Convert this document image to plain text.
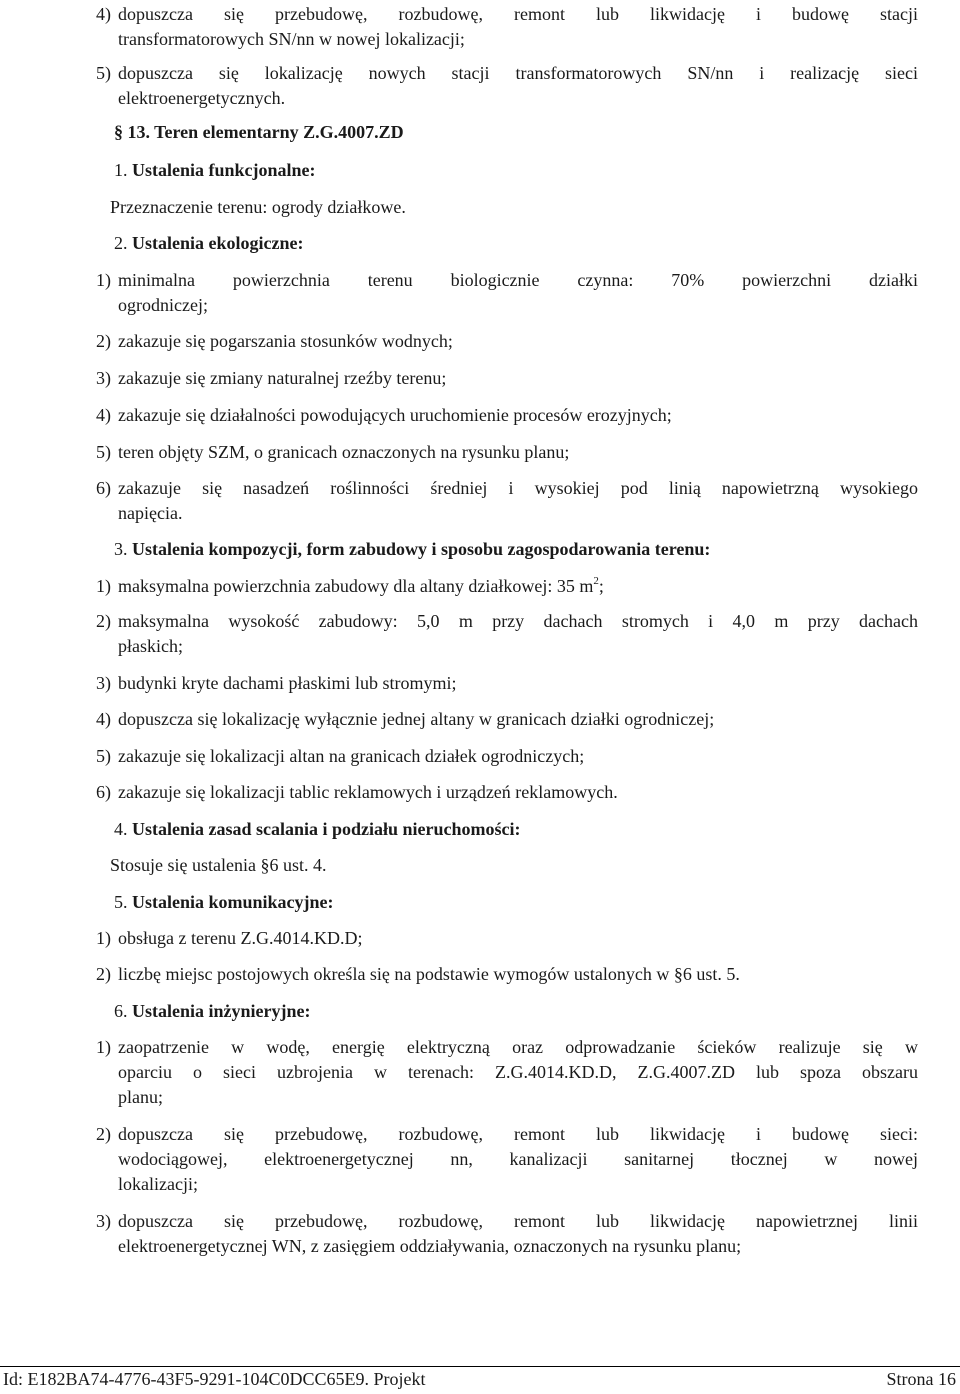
4) dopuszcza się przebudowę, rozbudowę, remont lub likwidację i budowę stacji
transformatorowych SN/nn w nowej lokalizacji;
5) dopuszcza się lokalizację nowych stacji transformatorowych SN/nn i realizację sieci
elektroenergetycznych.
§ 13. Teren elementarny Z.G.4007.ZD
1. Ustalenia funkcjonalne:
Przeznaczenie terenu: ogrody działkowe.
2. Ustalenia ekologiczne:
1) minimalna powierzchnia terenu biologicznie czynna: 70% powierzchni działki
ogrodniczej;
2) zakazuje się pogarszania stosunków wodnych;
3) zakazuje się zmiany naturalnej rzeźby terenu;
4) zakazuje się działalności powodujących uruchomienie procesów erozyjnych;
5) teren objęty SZM, o granicach oznaczonych na rysunku planu;
6) zakazuje się nasadzeń roślinności średniej i wysokiej pod linią napowietrzną wysokiego
napięcia.
3. Ustalenia kompozycji, form zabudowy i sposobu zagospodarowania terenu:
1) maksymalna powierzchnia zabudowy dla altany działkowej: 35 $m^2$;
2) maksymalna wysokość zabudowy: 5,0 m przy dachach stromych i 4,0 m przy dachach
płaskich;
3) budynki kryte dachami płaskimi lub stromymi;
4) dopuszcza się lokalizację wyłącznie jednej altany w granicach działki ogrodniczej;
5) zakazuje się lokalizacji altan na granicach działek ogrodniczych;
6) zakazuje się lokalizacji tablic reklamowych i urządzeń reklamowych.
4. Ustalenia zasad scalania i podziału nieruchomości:
Stosuje się ustalenia §6 ust. 4.
5. Ustalenia komunikacyjne:
1) obsługa z terenu Z.G.4014.KD.D;
2) liczbę miejsc postojowych określa się na podstawie wymogów ustalonych w §6 ust. 5.
6. Ustalenia inżynieryjne:
1) zaopatrzenie w wodę, energię elektryczną oraz odprowadzanie ścieków realizuje się w
oparciu o sieci uzbrojenia w terenach: Z.G.4014.KD.D, Z.G.4007.ZD lub spoza obszaru
planu;
2) dopuszcza się przebudowę, rozbudowę, remont lub likwidację i budowę sieci:
wodociągowej, elektroenergetycznej nn, kanalizacji sanitarnej tłocznej w nowej
lokalizacji;
3) dopuszcza się przebudowę, rozbudowę, remont lub likwidację napowietrznej linii
elektroenergetycznej WN, z zasięgiem oddziaływania, oznaczonych na rysunku planu;
Id: E182BA74-4776-43F5-9291-104C0DCC65E9. Projekt	Strona 16
